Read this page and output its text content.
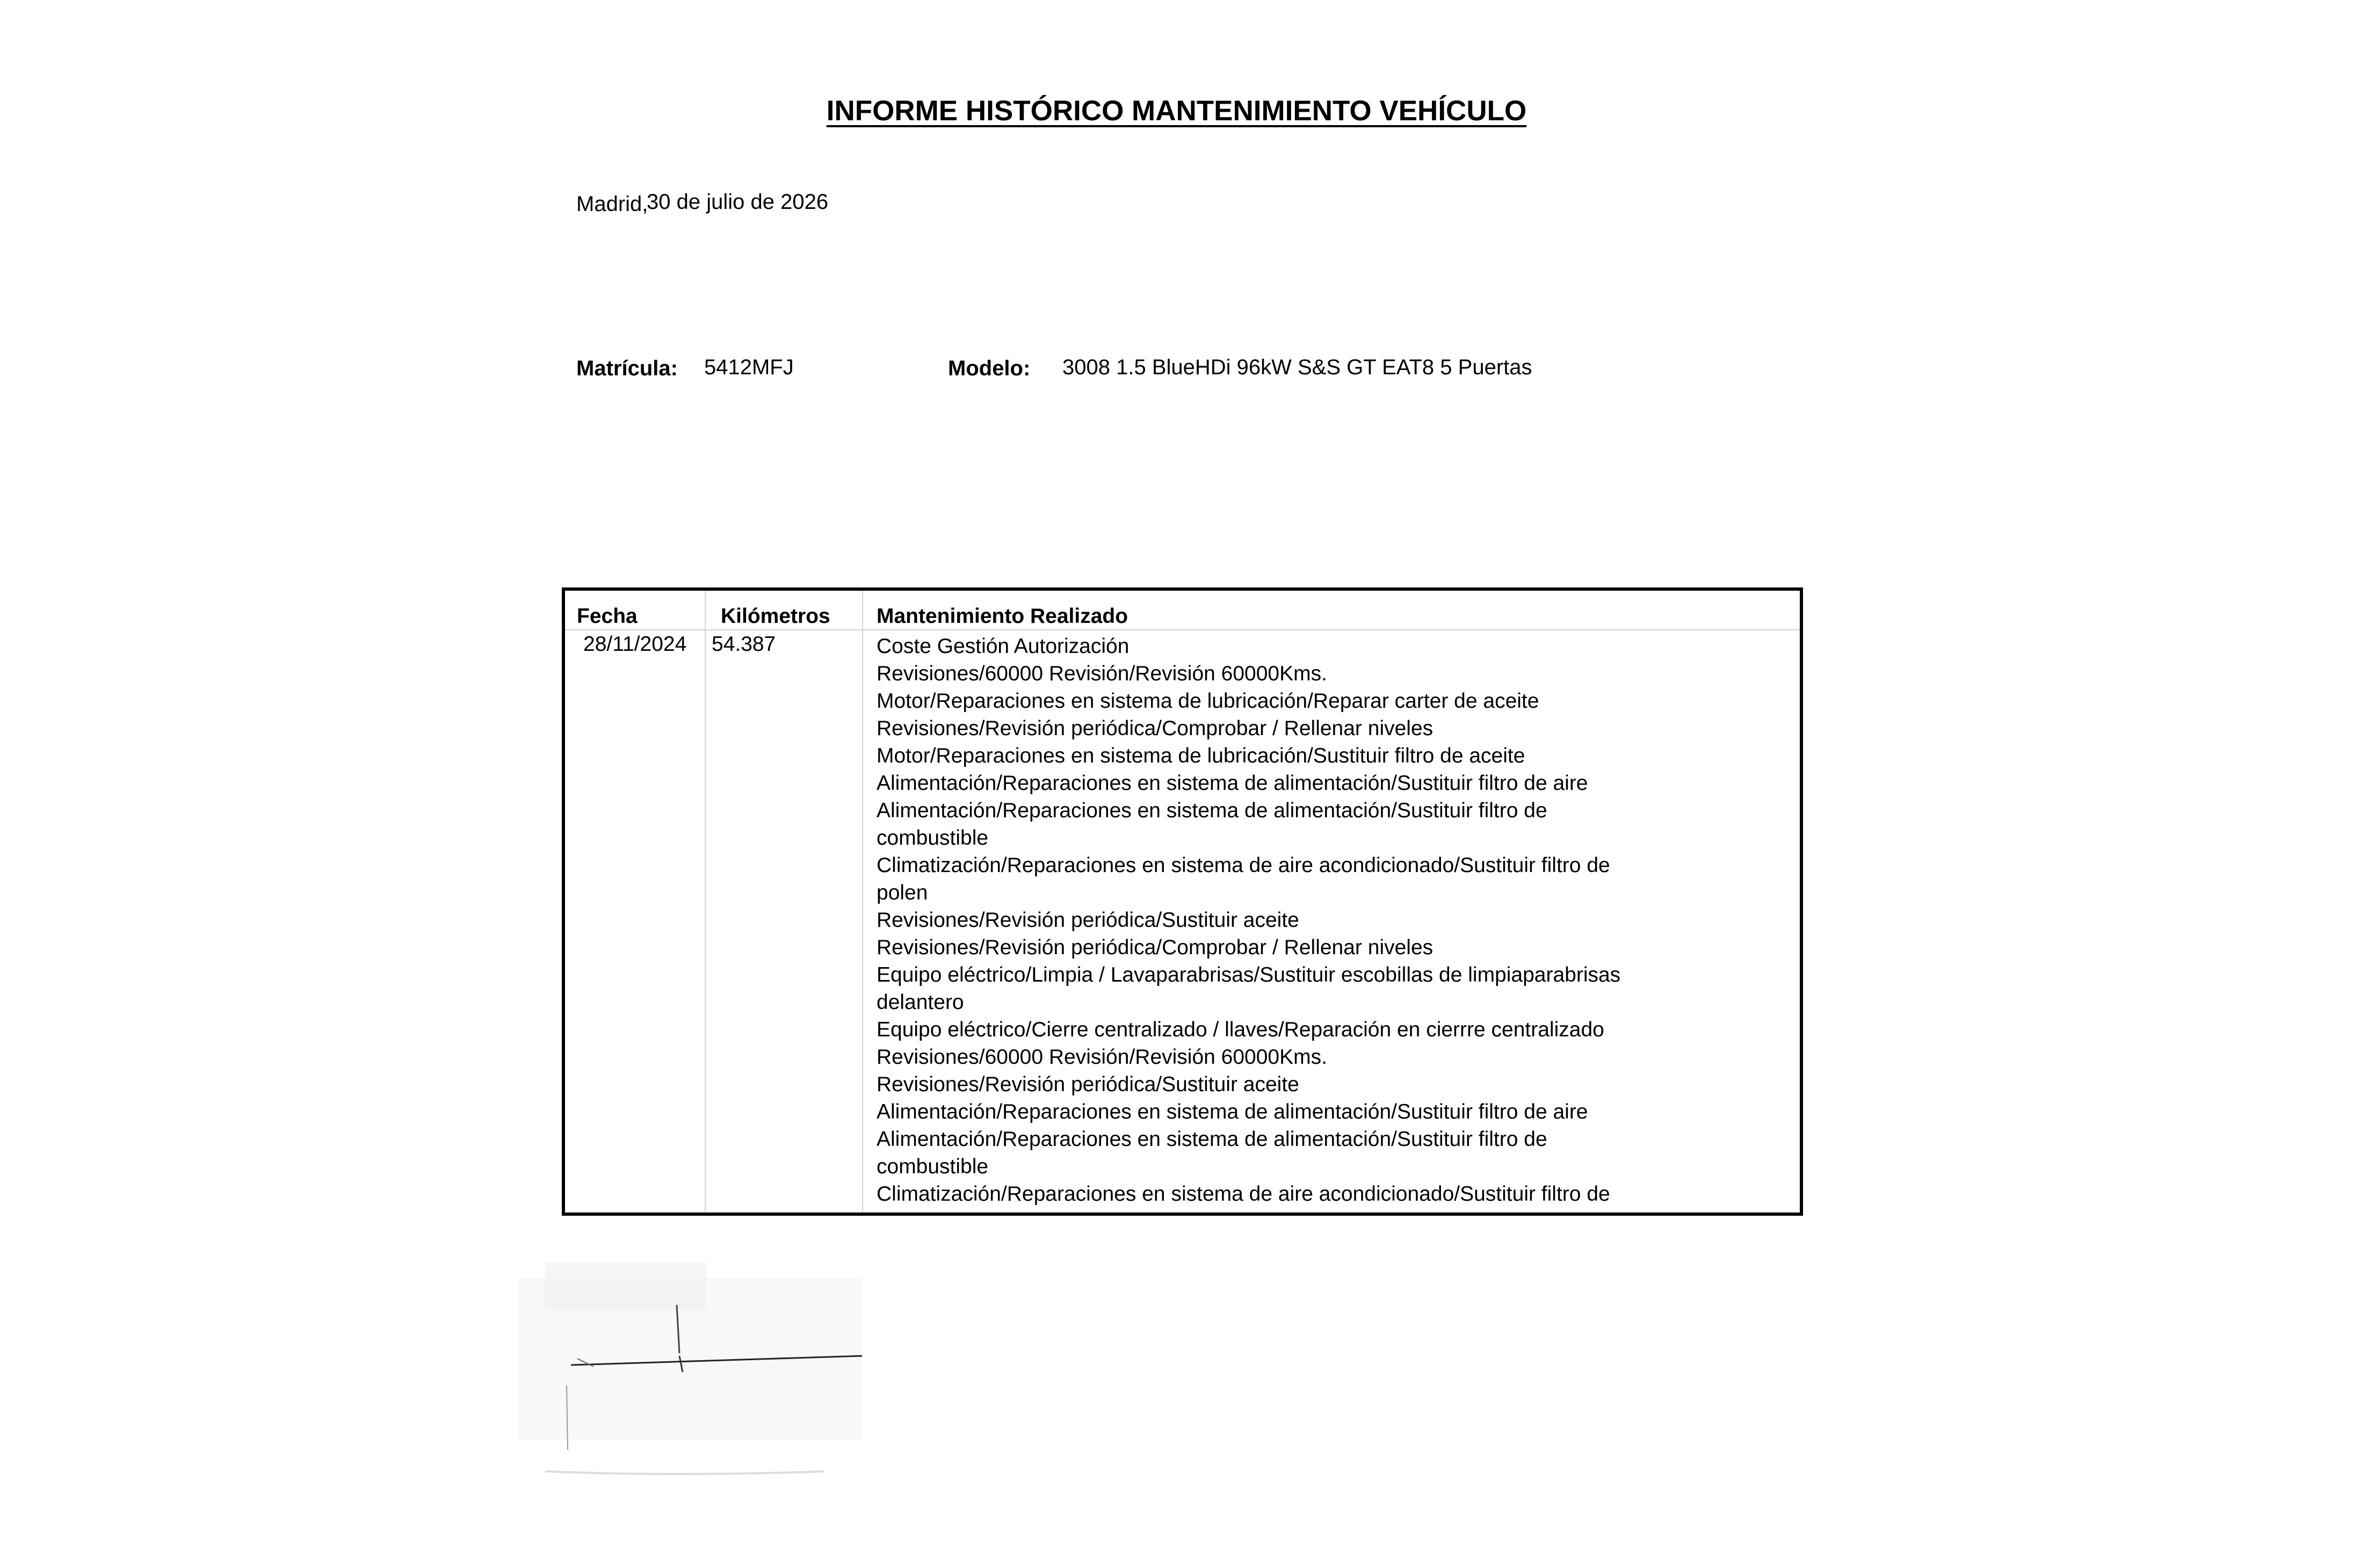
INFORME HISTÓRICO MANTENIMIENTO VEHÍCULO
Madrid,
30 de julio de 2026
Matrícula: 5412MFJ	Modelo: 3008 1.5 BlueHDi 96kW S&S GT EAT8 5 Puertas
Fecha	Kilómetros Mantenimiento Realizado
28/11/2024 54.387	Coste Gestión Autorización
Revisiones/60000 Revisión/Revisión 60000Kms.
Motor/Reparaciones en sistema de lubricación/Reparar carter de aceite
Revisiones/Revisión periódica/Comprobar / Rellenar niveles
Motor/Reparaciones en sistema de lubricación/Sustituir filtro de aceite
Alimentación/Reparaciones en sistema de alimentación/Sustituir filtro de aire
Alimentación/Reparaciones en sistema de alimentación/Sustituir filtro de
combustible
Climatización/Reparaciones en sistema de aire acondicionado/Sustituir filtro de
polen
Revisiones/Revisión periódica/Sustituir aceite
Revisiones/Revisión periódica/Comprobar / Rellenar niveles
Equipo eléctrico/Limpia / Lavaparabrisas/Sustituir escobillas de limpiaparabrisas
delantero
Equipo eléctrico/Cierre centralizado / llaves/Reparación en cierrre centralizado
Revisiones/60000 Revisión/Revisión 60000Kms.
Revisiones/Revisión periódica/Sustituir aceite
Alimentación/Reparaciones en sistema de alimentación/Sustituir filtro de aire
Alimentación/Reparaciones en sistema de alimentación/Sustituir filtro de
combustible
Climatización/Reparaciones en sistema de aire acondicionado/Sustituir filtro de
